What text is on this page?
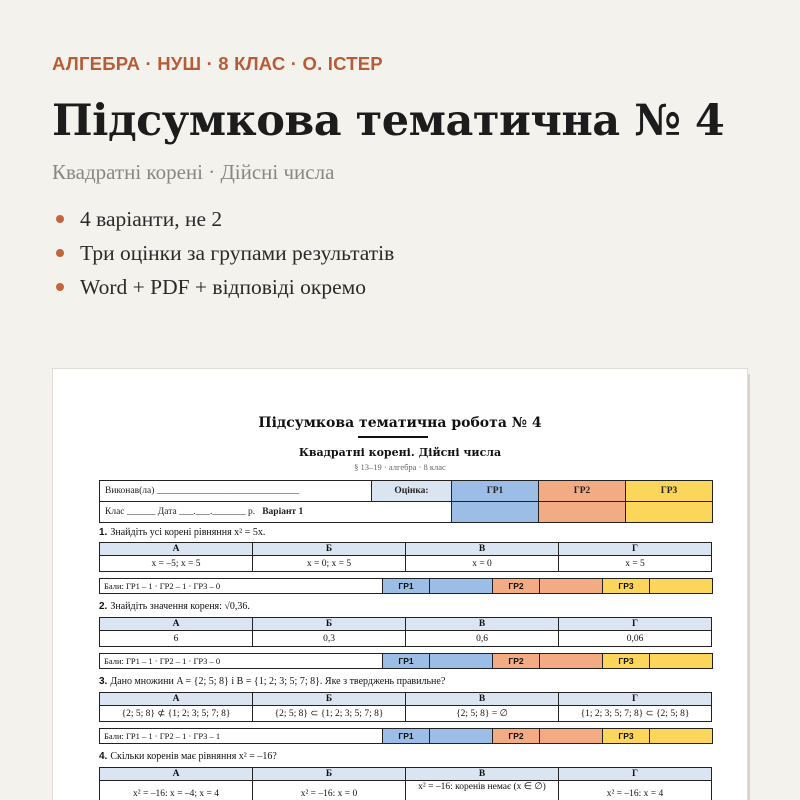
АЛГЕБРА · НУШ · 8 КЛАС · О. ІСТЕР
Підсумкова тематична № 4
Квадратні корені · Дійсні числа
4 варіанти, не 2
Три оцінки за групами результатів
Word + PDF + відповіді окремо
Підсумкова тематична робота № 4
Квадратні корені. Дійсні числа
§ 13–19 · алгебра · 8 клас
Виконав(ла) ______________________________	Оцінка:	ГР1	ГР2	ГР3
Клас ______ Дата ___.___._______ р. Варіант 1				
1. Знайдіть усі корені рівняння x² = 5x.
А	Б	В	Г
x = –5; x = 5	x = 0; x = 5	x = 0	x = 5
Бали: ГР1 – 1 · ГР2 – 1 · ГР3 – 0	ГР1		ГР2		ГР3	
2. Знайдіть значення кореня: √0,36.
А	Б	В	Г
6	0,3	0,6	0,06
Бали: ГР1 – 1 · ГР2 – 1 · ГР3 – 0	ГР1		ГР2		ГР3	
3. Дано множини A = {2; 5; 8} і B = {1; 2; 3; 5; 7; 8}. Яке з тверджень правильне?
А	Б	В	Г
{2; 5; 8} ⊄ {1; 2; 3; 5; 7; 8}	{2; 5; 8} ⊂ {1; 2; 3; 5; 7; 8}	{2; 5; 8} = ∅	{1; 2; 3; 5; 7; 8} ⊂ {2; 5; 8}
Бали: ГР1 – 1 · ГР2 – 1 · ГР3 – 1	ГР1		ГР2		ГР3	
4. Скільки коренів має рівняння x² = –16?
А	Б	В	Г
x² = –16: x = –4; x = 4	x² = –16: x = 0	x² = –16: коренів немає (x ∈ ∅)	x² = –16: x = 4
